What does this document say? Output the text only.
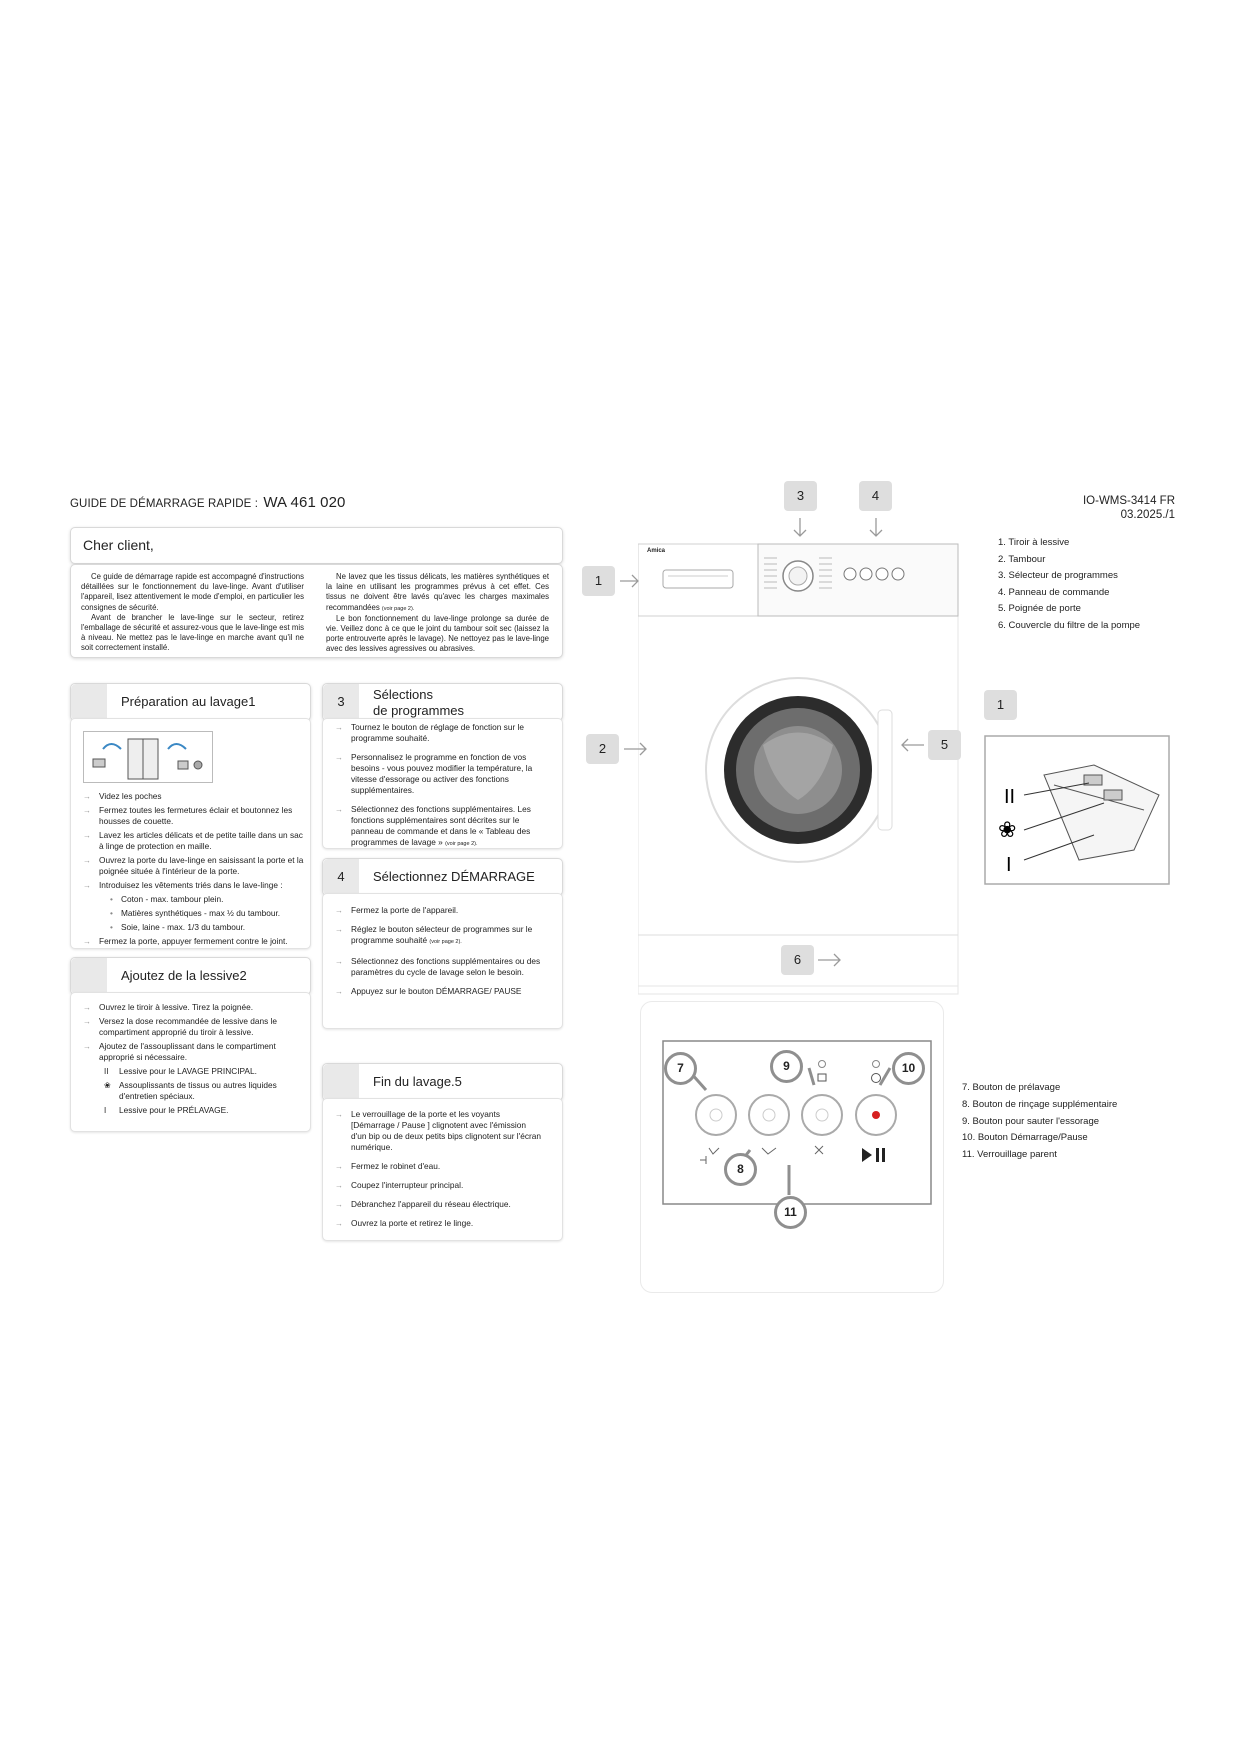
GUIDE DE DÉMARRAGE RAPIDE : WA 461 020	IO-WMS-3414 FR
03.2025./1
Cher client,

Ce guide de démarrage rapide est accompagné d'instructions détaillées sur le fonctionnement du lave-linge. Avant d'utiliser l'appareil, lisez attentivement le mode d'emploi, en particulier les consignes de sécurité.

Avant de brancher le lave-linge sur le secteur, retirez l'emballage de sécurité et assurez-vous que le lave-linge est mis à niveau. Ne mettez pas le lave-linge en marche avant qu'il ne soit correctement installé.

Ne lavez que les tissus délicats, les matières synthétiques et la laine en utilisant les programmes prévus à cet effet. Ces tissus ne doivent être lavés qu'avec les charges maximales recommandées (voir page 2).

Le bon fonctionnement du lave-linge prolonge sa durée de vie. Veillez donc à ce que le joint du tambour soit sec (laissez la porte entrouverte après le lavage). Ne nettoyez pas le lave-linge avec des lessives agressives ou abrasives.

Préparation au lavage1
→ Videz les poches
→ Fermez toutes les fermetures éclair et boutonnez les housses de couette.
→ Lavez les articles délicats et de petite taille dans un sac à linge de protection en maille.
→ Ouvrez la porte du lave-linge en saisissant la porte et la poignée située à l'intérieur de la porte.
→ Introduisez les vêtements triés dans le lave-linge :
• Coton - max. tambour plein.
• Matières synthétiques - max ½ du tambour.
• Soie, laine - max. 1/3 du tambour.
→ Fermez la porte, appuyer fermement contre le joint.
Ajoutez de la lessive2
→ Ouvrez le tiroir à lessive. Tirez la poignée.
→ Versez la dose recommandée de lessive dans le compartiment approprié du tiroir à lessive.
→ Ajoutez de l'assouplissant dans le compartiment approprié si nécessaire.
II Lessive pour le LAVAGE PRINCIPAL.
❀ Assouplissants de tissus ou autres liquides d'entretien spéciaux.
I Lessive pour le PRÉLAVAGE.
3	Sélections
de programmes
→ Tournez le bouton de réglage de fonction sur le programme souhaité.
→ Personnalisez le programme en fonction de vos besoins - vous pouvez modifier la température, la vitesse d'essorage ou activer des fonctions supplémentaires.
→ Sélectionnez des fonctions supplémentaires. Les fonctions supplémentaires sont décrites sur le panneau de commande et dans le « Tableau des programmes de lavage » (voir page 2).
4	Sélectionnez DÉMARRAGE
→ Fermez la porte de l'appareil.
→ Réglez le bouton sélecteur de programmes sur le programme souhaité (voir page 2).
→ Sélectionnez des fonctions supplémentaires ou des paramètres du cycle de lavage selon le besoin.
→ Appuyez sur le bouton DÉMARRAGE/ PAUSE
Fin du lavage.5
→ Le verrouillage de la porte et les voyants [Démarrage / Pause ] clignotent avec l'émission d'un bip ou de deux petits bips clignotent sur l'écran numérique.
→ Fermez le robinet d'eau.
→ Coupez l'interrupteur principal.
→ Débranchez l'appareil du réseau électrique.
→ Ouvrez la porte et retirez le linge.
Amica
1
2
3	4
5
6
1
1. Tiroir à lessive
2. Tambour
3. Sélecteur de programmes
4. Panneau de commande
5. Poignée de porte
6. Couvercle du filtre de la pompe
II
❀
I
7
8
9	10
11
7. Bouton de prélavage
8. Bouton de rinçage supplémentaire
9. Bouton pour sauter l'essorage
10. Bouton Démarrage/Pause
11. Verrouillage parent
